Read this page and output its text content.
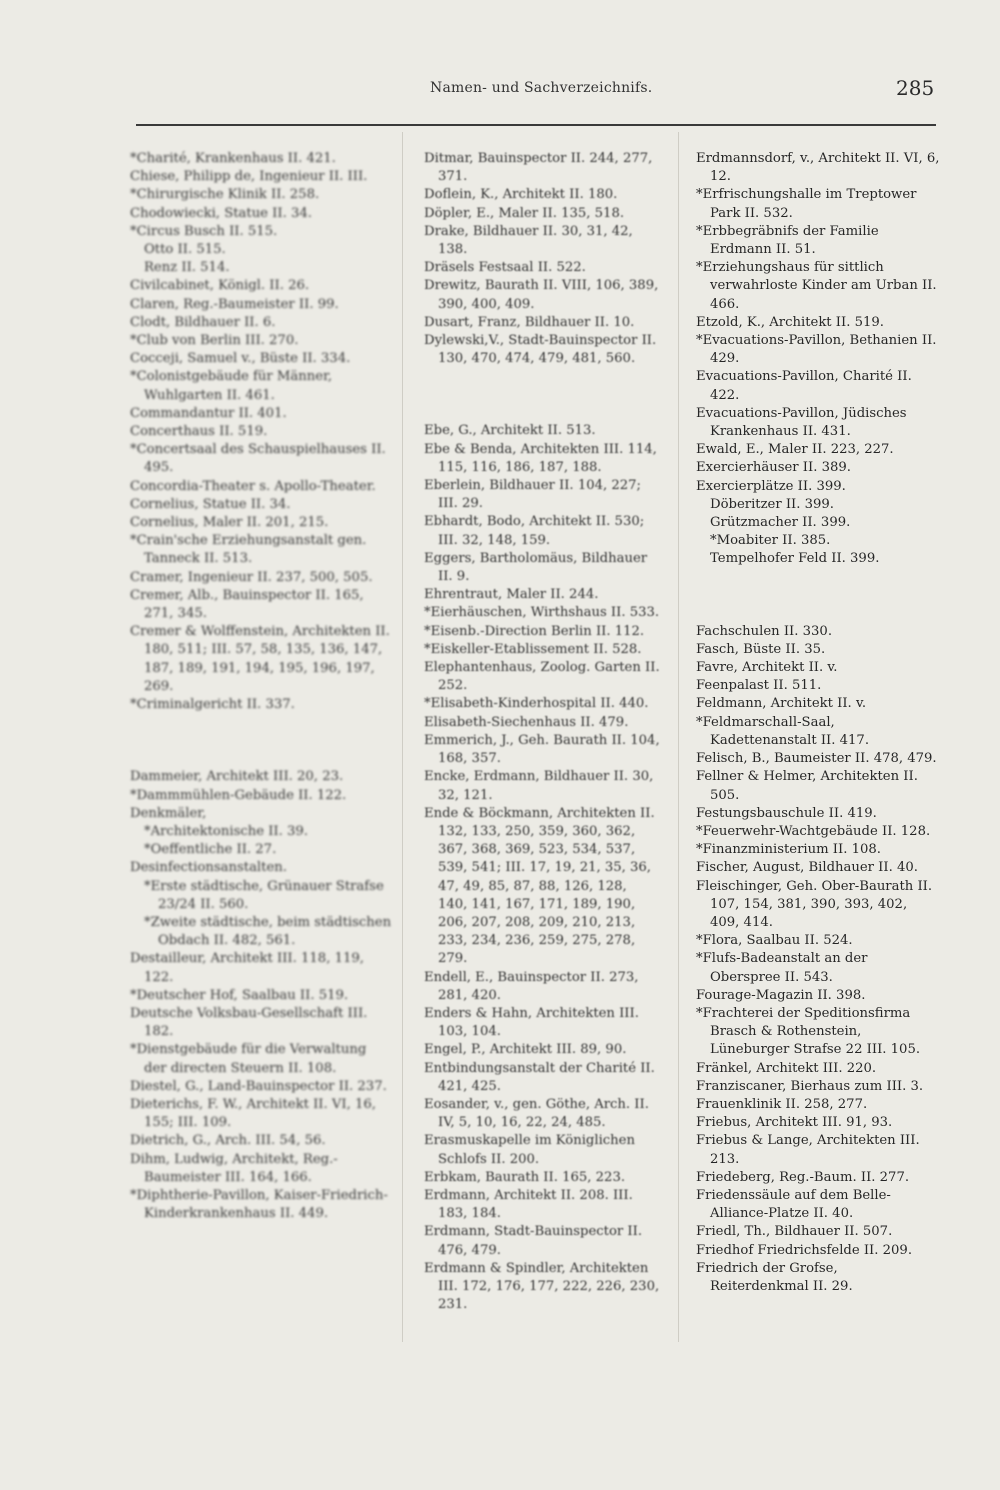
Namen- und Sachverzeichnifs.	285

*Charité, Krankenhaus II. 421.

Chiese, Philipp de, Ingenieur II. III.

*Chirurgische Klinik II. 258.

Chodowiecki, Statue II. 34.

*Circus Busch II. 515.

Otto II. 515.

Renz II. 514.

Civilcabinet, Königl. II. 26.

Claren, Reg.-Baumeister II. 99.

Clodt, Bildhauer II. 6.

*Club von Berlin III. 270.

Cocceji, Samuel v., Büste II. 334.

*Colonistgebäude für Männer, Wuhlgarten II. 461.

Commandantur II. 401.

Concerthaus II. 519.

*Concertsaal des Schauspielhauses II. 495.

Concordia-Theater s. Apollo-Theater.

Cornelius, Statue II. 34.

Cornelius, Maler II. 201, 215.

*Crain'sche Erziehungsanstalt gen. Tanneck II. 513.

Cramer, Ingenieur II. 237, 500, 505.

Cremer, Alb., Bauinspector II. 165, 271, 345.

Cremer & Wolffenstein, Architekten II. 180, 511; III. 57, 58, 135, 136, 147, 187, 189, 191, 194, 195, 196, 197, 269.

*Criminalgericht II. 337.

Dammeier, Architekt III. 20, 23.

*Dammmühlen-Gebäude II. 122.

Denkmäler,

*Architektonische II. 39.

*Oeffentliche II. 27.

Desinfectionsanstalten.

*Erste städtische, Grünauer Strafse 23/24 II. 560.

*Zweite städtische, beim städtischen Obdach II. 482, 561.

Destailleur, Architekt III. 118, 119, 122.

*Deutscher Hof, Saalbau II. 519.

Deutsche Volksbau-Gesellschaft III. 182.

*Dienstgebäude für die Verwaltung der directen Steuern II. 108.

Diestel, G., Land-Bauinspector II. 237.

Dieterichs, F. W., Architekt II. VI, 16, 155; III. 109.

Dietrich, G., Arch. III. 54, 56.

Dihm, Ludwig, Architekt, Reg.-Baumeister III. 164, 166.

*Diphtherie-Pavillon, Kaiser-Friedrich-Kinderkrankenhaus II. 449.

Ditmar, Bauinspector II. 244, 277, 371.

Doflein, K., Architekt II. 180.

Döpler, E., Maler II. 135, 518.

Drake, Bildhauer II. 30, 31, 42, 138.

Dräsels Festsaal II. 522.

Drewitz, Baurath II. VIII, 106, 389, 390, 400, 409.

Dusart, Franz, Bildhauer II. 10.

Dylewski,V., Stadt-Bauinspector II. 130, 470, 474, 479, 481, 560.

Ebe, G., Architekt II. 513.

Ebe & Benda, Architekten III. 114, 115, 116, 186, 187, 188.

Eberlein, Bildhauer II. 104, 227; III. 29.

Ebhardt, Bodo, Architekt II. 530; III. 32, 148, 159.

Eggers, Bartholomäus, Bildhauer II. 9.

Ehrentraut, Maler II. 244.

*Eierhäuschen, Wirthshaus II. 533.

*Eisenb.-Direction Berlin II. 112.

*Eiskeller-Etablissement II. 528.

Elephantenhaus, Zoolog. Garten II. 252.

*Elisabeth-Kinderhospital II. 440.

Elisabeth-Siechenhaus II. 479.

Emmerich, J., Geh. Baurath II. 104, 168, 357.

Encke, Erdmann, Bildhauer II. 30, 32, 121.

Ende & Böckmann, Architekten II. 132, 133, 250, 359, 360, 362, 367, 368, 369, 523, 534, 537, 539, 541; III. 17, 19, 21, 35, 36, 47, 49, 85, 87, 88, 126, 128, 140, 141, 167, 171, 189, 190, 206, 207, 208, 209, 210, 213, 233, 234, 236, 259, 275, 278, 279.

Endell, E., Bauinspector II. 273, 281, 420.

Enders & Hahn, Architekten III. 103, 104.

Engel, P., Architekt III. 89, 90.

Entbindungsanstalt der Charité II. 421, 425.

Eosander, v., gen. Göthe, Arch. II. IV, 5, 10, 16, 22, 24, 485.

Erasmuskapelle im Königlichen Schlofs II. 200.

Erbkam, Baurath II. 165, 223.

Erdmann, Architekt II. 208. III. 183, 184.

Erdmann, Stadt-Bauinspector II. 476, 479.

Erdmann & Spindler, Architekten III. 172, 176, 177, 222, 226, 230, 231.

Erdmannsdorf, v., Architekt II. VI, 6, 12.

*Erfrischungshalle im Treptower Park II. 532.

*Erbbegräbnifs der Familie Erdmann II. 51.

*Erziehungshaus für sittlich verwahrloste Kinder am Urban II. 466.

Etzold, K., Architekt II. 519.

*Evacuations-Pavillon, Bethanien II. 429.

Evacuations-Pavillon, Charité II. 422.

Evacuations-Pavillon, Jüdisches Krankenhaus II. 431.

Ewald, E., Maler II. 223, 227.

Exercierhäuser II. 389.

Exercierplätze II. 399.

Döberitzer II. 399.

Grützmacher II. 399.

*Moabiter II. 385.

Tempelhofer Feld II. 399.

Fachschulen II. 330.

Fasch, Büste II. 35.

Favre, Architekt II. v.

Feenpalast II. 511.

Feldmann, Architekt II. v.

*Feldmarschall-Saal, Kadettenanstalt II. 417.

Felisch, B., Baumeister II. 478, 479.

Fellner & Helmer, Architekten II. 505.

Festungsbauschule II. 419.

*Feuerwehr-Wachtgebäude II. 128.

*Finanzministerium II. 108.

Fischer, August, Bildhauer II. 40.

Fleischinger, Geh. Ober-Baurath II. 107, 154, 381, 390, 393, 402, 409, 414.

*Flora, Saalbau II. 524.

*Flufs-Badeanstalt an der Oberspree II. 543.

Fourage-Magazin II. 398.

*Frachterei der Speditionsfirma Brasch & Rothenstein, Lüneburger Strafse 22 III. 105.

Fränkel, Architekt III. 220.

Franziscaner, Bierhaus zum III. 3.

Frauenklinik II. 258, 277.

Friebus, Architekt III. 91, 93.

Friebus & Lange, Architekten III. 213.

Friedeberg, Reg.-Baum. II. 277.

Friedenssäule auf dem Belle-Alliance-Platze II. 40.

Friedl, Th., Bildhauer II. 507.

Friedhof Friedrichsfelde II. 209.

Friedrich der Grofse, Reiterdenkmal II. 29.
